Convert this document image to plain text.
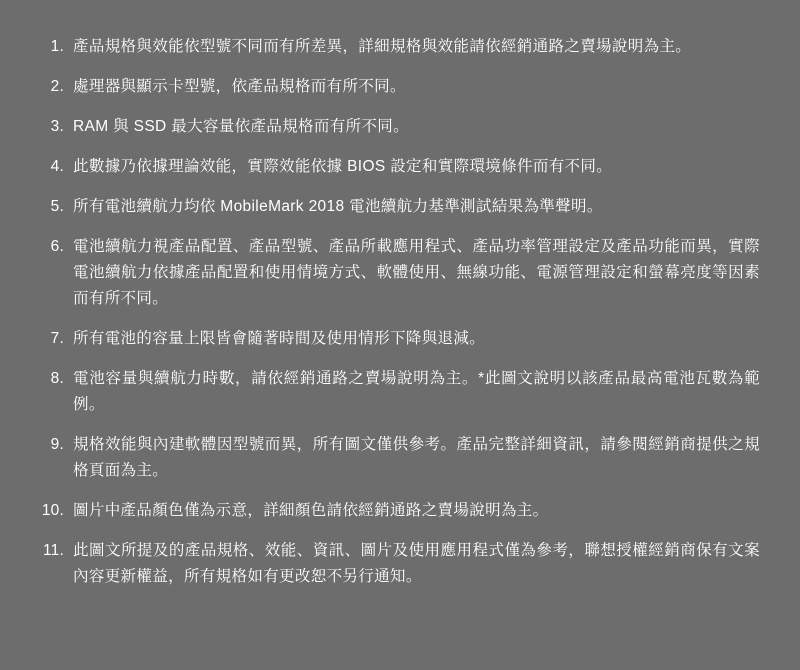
1. 產品規格與效能依型號不同而有所差異，詳細規格與效能請依經銷通路之賣場說明為主。
2. 處理器與顯示卡型號，依產品規格而有所不同。
3. RAM 與 SSD 最大容量依產品規格而有所不同。
4. 此數據乃依據理論效能，實際效能依據 BIOS 設定和實際環境條件而有不同。
5. 所有電池續航力均依 MobileMark 2018 電池續航力基準測試結果為準聲明。
6. 電池續航力視產品配置、產品型號、產品所載應用程式、產品功率管理設定及產品功能而異，實際電池續航力依據產品配置和使用情境方式、軟體使用、無線功能、電源管理設定和螢幕亮度等因素而有所不同。
7. 所有電池的容量上限皆會隨著時間及使用情形下降與退減。
8. 電池容量與續航力時數，請依經銷通路之賣場說明為主。*此圖文說明以該產品最高電池瓦數為範例。
9. 規格效能與內建軟體因型號而異，所有圖文僅供參考。產品完整詳細資訊，請參閱經銷商提供之規格頁面為主。
10. 圖片中產品顏色僅為示意，詳細顏色請依經銷通路之賣場說明為主。
11. 此圖文所提及的產品規格、效能、資訊、圖片及使用應用程式僅為參考，聯想授權經銷商保有文案內容更新權益，所有規格如有更改恕不另行通知。
